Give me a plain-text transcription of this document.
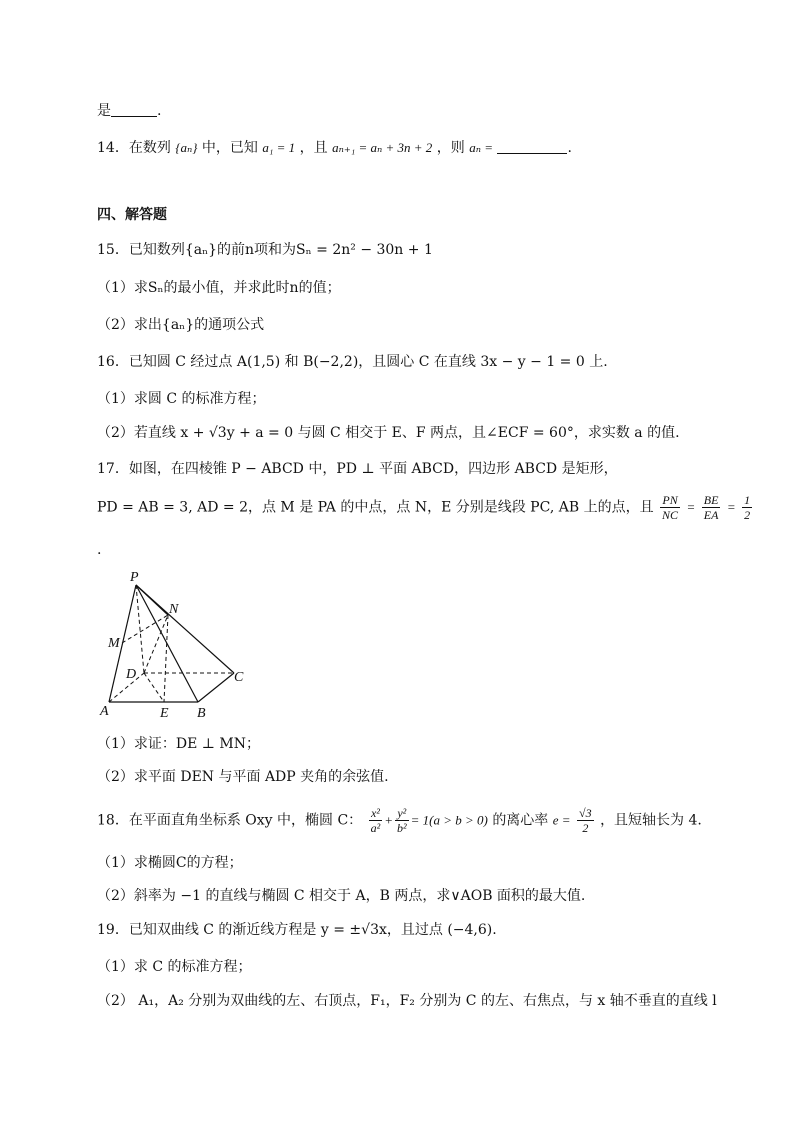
是	.
14．在数列 {aₙ} 中，已知 a₁ = 1 ，且 aₙ₊₁ = aₙ + 3n + 2 ，则 aₙ =	.
四、解答题
15．已知数列{aₙ}的前n项和为Sₙ = 2n² − 30n + 1
（1）求Sₙ的最小值，并求此时n的值；
（2）求出{aₙ}的通项公式
16．已知圆 C 经过点 A(1,5) 和 B(−2,2)，且圆心 C 在直线 3x − y − 1 = 0 上.
（1）求圆 C 的标准方程；
（2）若直线 x + √3y + a = 0 与圆 C 相交于 E、F 两点，且∠ECF = 60°，求实数 a 的值.
17．如图，在四棱锥 P − ABCD 中，PD ⊥ 平面 ABCD，四边形 ABCD 是矩形，
PD = AB = 3, AD = 2，点 M 是 PA 的中点，点 N，E 分别是线段 PC, AB 上的点，且 $\frac{PN}{NC} = \frac{BE}{EA} = \frac{1}{2}$
.
P
N
M
D	C
A	E B
（1）求证：DE ⊥ MN；
（2）求平面 DEN 与平面 ADP 夹角的余弦值.
18．在平面直角坐标系 Oxy 中，椭圆 C： $\frac{\text{x²}}{\text{a²}} + \frac{\text{y²}}{\text{b²}} = 1(a > b > 0)$ 的离心率 $e = \frac{√3}{2}$ ，且短轴长为 4.
（1）求椭圆C的方程；
（2）斜率为 −1 的直线与椭圆 C 相交于 A，B 两点，求∨AOB 面积的最大值.
19．已知双曲线 C 的渐近线方程是 y = ±√3x，且过点 (−4,6).
（1）求 C 的标准方程；
（2） A₁，A₂ 分别为双曲线的左、右顶点，F₁，F₂ 分别为 C 的左、右焦点，与 x 轴不垂直的直线 l
